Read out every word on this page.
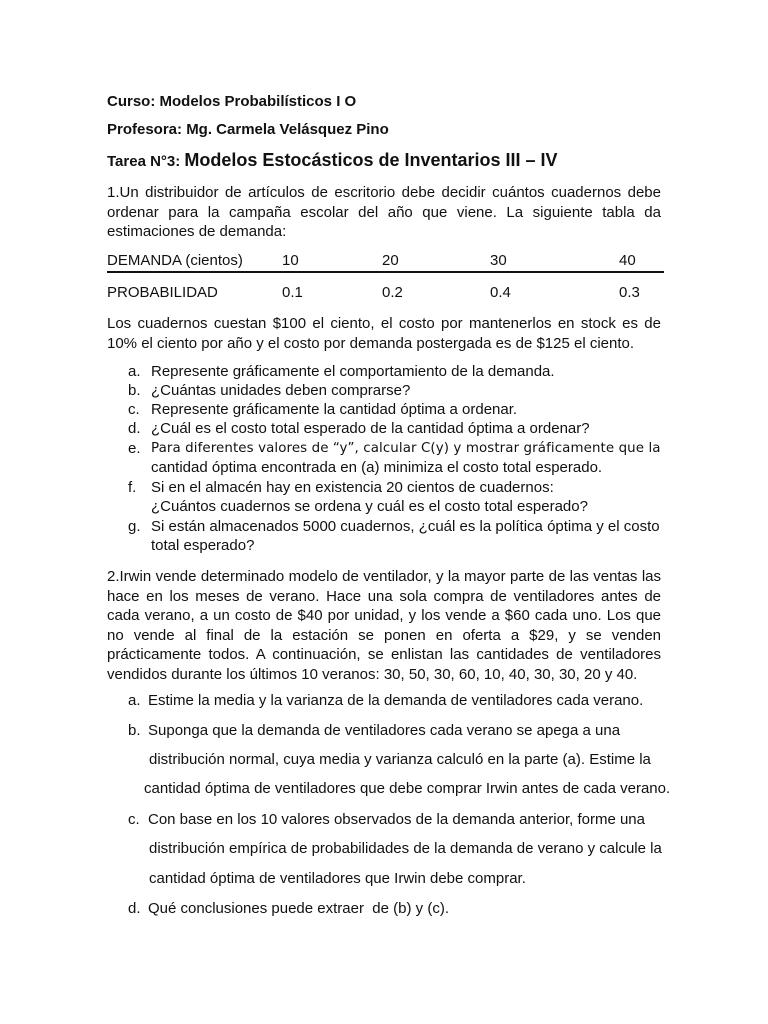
Curso: Modelos Probabilísticos I O
Profesora: Mg. Carmela Velásquez Pino
Tarea N°3: Modelos Estocásticos de Inventarios III – IV
1.Un distribuidor de artículos de escritorio debe decidir cuántos cuadernos debe ordenar para la campaña escolar del año que viene. La siguiente tabla da estimaciones de demanda:
DEMANDA (cientos)	10	20	30	40
PROBABILIDAD	0.1	0.2	0.4	0.3
Los cuadernos cuestan $100 el ciento, el costo por mantenerlos en stock es de 10% el ciento por año y el costo por demanda postergada es de $125 el ciento.
a. Represente gráficamente el comportamiento de la demanda.
b. ¿Cuántas unidades deben comprarse?
c. Represente gráficamente la cantidad óptima a ordenar.
d. ¿Cuál es el costo total esperado de la cantidad óptima a ordenar?
e. Para diferentes valores de “y”, calcular C(y) y mostrar gráficamente que la
cantidad óptima encontrada en (a) minimiza el costo total esperado.
f. Si en el almacén hay en existencia 20 cientos de cuadernos: ¿Cuántos cuadernos se ordena y cuál es el costo total esperado?
g. Si están almacenados 5000 cuadernos, ¿cuál es la política óptima y el costo total esperado?
2.Irwin vende determinado modelo de ventilador, y la mayor parte de las ventas las hace en los meses de verano. Hace una sola compra de ventiladores antes de cada verano, a un costo de $40 por unidad, y los vende a $60 cada uno. Los que no vende al final de la estación se ponen en oferta a $29, y se venden prácticamente todos. A continuación, se enlistan las cantidades de ventiladores vendidos durante los últimos 10 veranos: 30, 50, 30, 60, 10, 40, 30, 30, 20 y 40.
a. Estime la media y la varianza de la demanda de ventiladores cada verano.
b. Suponga que la demanda de ventiladores cada verano se apega a una
distribución normal, cuya media y varianza calculó en la parte (a). Estime la
cantidad óptima de ventiladores que debe comprar Irwin antes de cada verano.
c. Con base en los 10 valores observados de la demanda anterior, forme una
distribución empírica de probabilidades de la demanda de verano y calcule la
cantidad óptima de ventiladores que Irwin debe comprar.
d. Qué conclusiones puede extraer  de (b) y (c).
